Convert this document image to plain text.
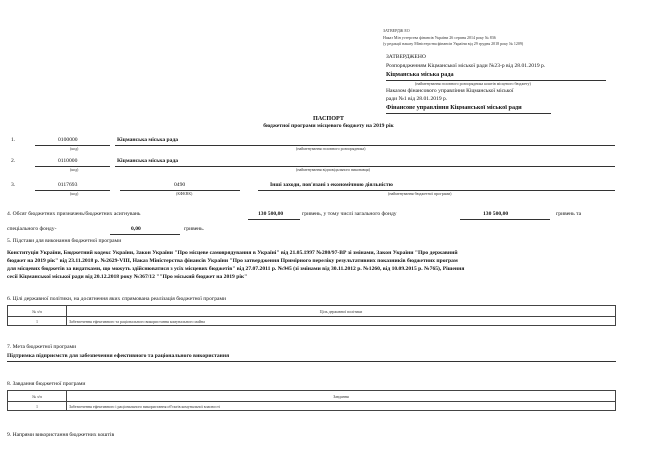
ЗАТВЕРДЖ ЕО
Наказ Мін устерства фінансів України 26 серпня 2014 року № 836
(у редакції наказу Міністерства фінансів України від 29 грудня 2018 року № 1209)
ЗАТВЕРДЖЕНО
Розпорядженням Кіцманської міської ради №23-р від 28.01.2019 р.
Кіцманська міська рада
(найменування головного розпорядника коштів місцевого бюджету)
Наказом фінансового управління Кіцманської міської
ради №1 від 28.01.2019 р.
Фінансове управління Кіцманської міської ради
ПАСПОРТ
бюджетної програми місцевого бюджету на 2019 рік
1.	0100000	Кіцманська міська рада
(код)	(найменування головного розпорядника)
2.	0110000	Кіцманська міська рада
(код)	(найменування відповідального виконавця)
3.	0117693	0490	Інші заходи, пов'язані з економічною діяльністю
(код)	(КФКВК)	(найменування бюджетної програми)
4. Обсяг бюджетних призначень/бюджетних асигнувань	130 500,00	гривень, у тому числі загального фонду	130 500,00	гривень та
спеціального фонду-	0,00	гривень.
5. Підстави для виконання бюджетної програми
Конституція України, Бюджетний кодекс України, Закон України "Про місцеве самоврядування в Україні" від 21.05.1997 №280/97-ВР зі змінами, Закон України "Про державний
бюджет на 2019 рік" від 23.11.2018 р. №2629-VIII, Наказ Міністерства фінансів України "Про затвердження Примірного переліку результативних показників бюджетних програм
для місцевих бюджетів за видатками, що можуть здійснюватися з усіх місцевих бюджетів" від 27.07.2011 р. №945 (зі змінами від 30.11.2012 р. №1260, від 10.09.2015 р. №765), Рішення
сесії Кіцманської міської ради від 20.12.2018 року №367/12 ""Про міський бюджет на 2019 рік"
6. Цілі державної політики, на досягнення яких спрямована реалізація бюджетної програми
№ з/п	Ціль державної політики
1	Забезпечення ефективного та раціонального використання комунального майна
7. Мета бюджетної програми
Підтримка підприємств для забезпечення ефективного та раціонального використання
8. Завдання бюджетної програми
№ з/п	Завдання
1	Забезпечення ефективного і раціонального використання об'єктів комунальної власності
9. Напрями використання бюджетних коштів
